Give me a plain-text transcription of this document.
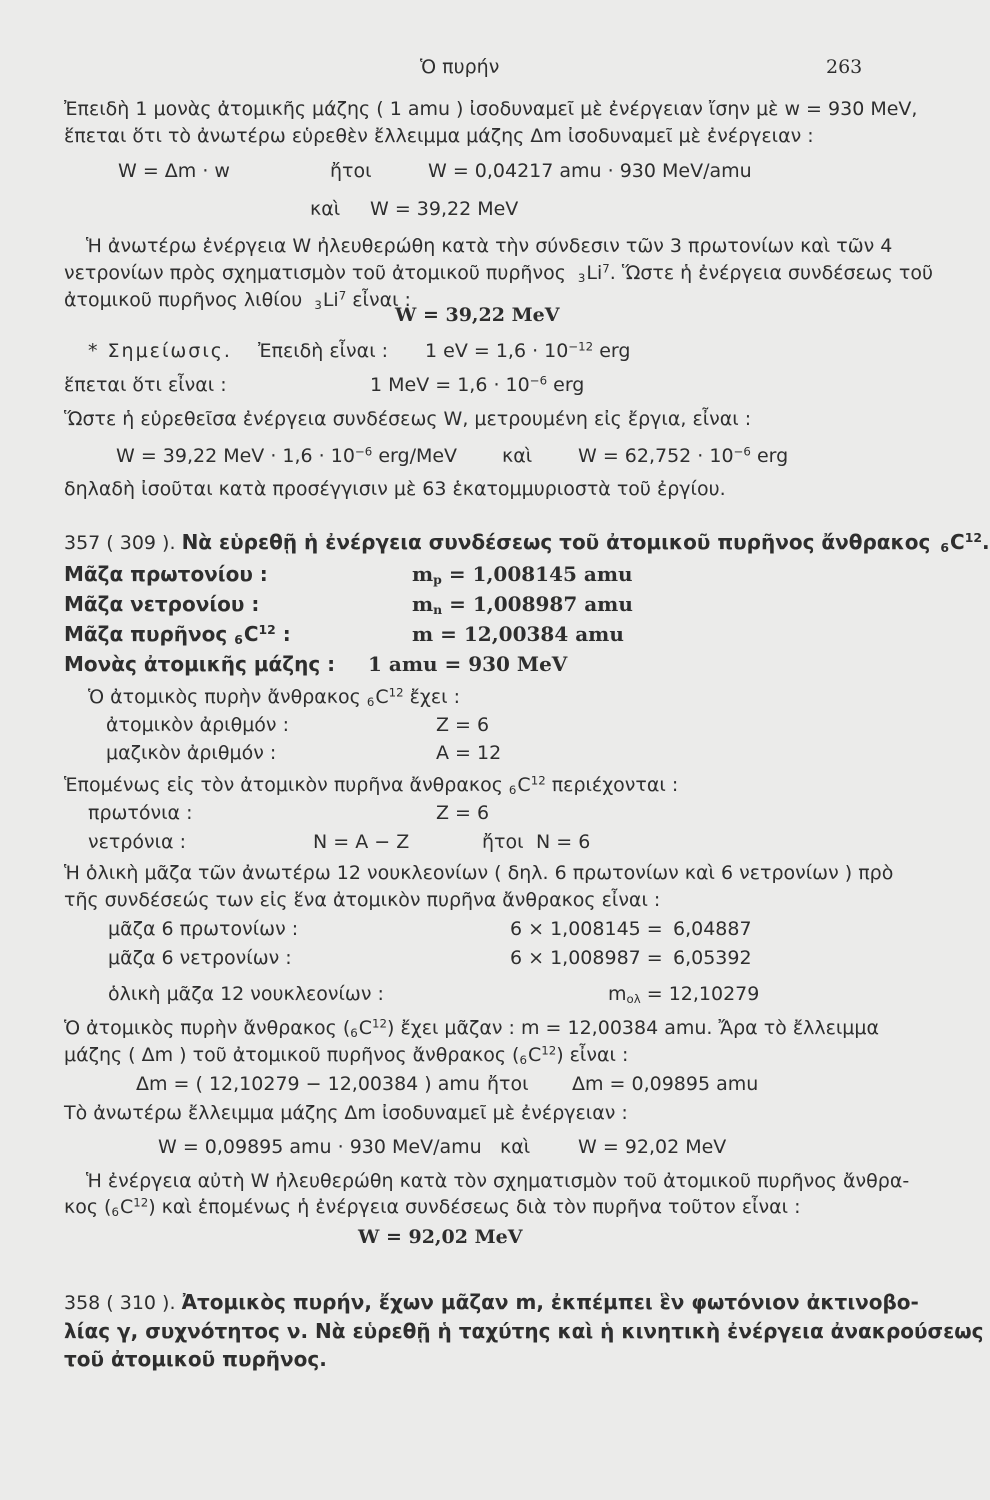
Ὁ πυρήν	263
Ἐπειδὴ 1 μονὰς ἀτομικῆς μάζης ( 1 amu ) ἰσοδυναμεῖ μὲ ἐνέργειαν ἴσην μὲ w = 930 MeV,
ἕπεται ὅτι τὸ ἀνωτέρω εὑρεθὲν ἔλλειμμα μάζης Δm ἰσοδυναμεῖ μὲ ἐνέργειαν :
W = Δm · w	ἤτοι	W = 0,04217 amu · 930 MeV/amu
καὶ W = 39,22 MeV
Ἡ ἀνωτέρω ἐνέργεια W ἠλευθερώθη κατὰ τὴν σύνδεσιν τῶν 3 πρωτονίων καὶ τῶν 4
νετρονίων πρὸς σχηματισμὸν τοῦ ἀτομικοῦ πυρῆνος 3Li$^7$. Ὥστε ἡ ἐνέργεια συνδέσεως τοῦ
ἀτομικοῦ πυρῆνος λιθίου 3Li$^7$ εἶναι :
W = 39,22 MeV
* Σημείωσις. Ἐπειδὴ εἶναι : 1 eV = $1,6 \cdot 10^{-12}$ erg
ἕπεται ὅτι εἶναι :	1 MeV = $1,6 \cdot 10^{-6}$ erg
Ὥστε ἡ εὑρεθεῖσα ἐνέργεια συνδέσεως W, μετρουμένη εἰς ἔργια, εἶναι :
W = 39,22 MeV · $1,6 \cdot 10^{-6}$ erg/MeV καὶ $W = 62,752 \cdot 10^{-6}$ erg
δηλαδὴ ἰσοῦται κατὰ προσέγγισιν μὲ 63 ἑκατομμυριοστὰ τοῦ ἐργίου.
357 ( 309 ). Νὰ εὑρεθῇ ἡ ἐνέργεια συνδέσεως τοῦ ἀτομικοῦ πυρῆνος ἄνθρακος $6C^{12}$.
Μᾶζα πρωτονίου :	$m_p = 1,008145$ amu
Μᾶζα νετρονίου :	$m_n = 1,008987$ amu
Μᾶζα πυρῆνος $6C^{12}$ :	m = 12,00384 amu
Μονὰς ἀτομικῆς μάζης : 1 amu = 930 MeV
Ὁ ἀτομικὸς πυρὴν ἄνθρακος $6C^{12}$ ἔχει :
ἀτομικὸν ἀριθμόν :	Z = 6
μαζικὸν ἀριθμόν :	A = 12
Ἑπομένως εἰς τὸν ἀτομικὸν πυρῆνα ἄνθρακος $6C^{12}$ περιέχονται :
πρωτόνια :	Z = 6
νετρόνια :	N = A − Z	ἤτοι N = 6
Ἡ ὁλικὴ μᾶζα τῶν ἀνωτέρω 12 νουκλεονίων ( δηλ. 6 πρωτονίων καὶ 6 νετρονίων ) πρὸ
τῆς συνδέσεώς των εἰς ἕνα ἀτομικὸν πυρῆνα ἄνθρακος εἶναι :
μᾶζα 6 πρωτονίων :	6 × 1,008145 = 6,04887
μᾶζα 6 νετρονίων :	6 × 1,008987 = 6,05392
ὁλικὴ μᾶζα 12 νουκλεονίων :	$m_{o\lambda} = 12,10279$
Ὁ ἀτομικὸς πυρὴν ἄνθρακος $(6C^{12})$ ἔχει μᾶζαν : m = 12,00384 amu. Ἄρα τὸ ἔλλειμμα
μάζης ( Δm ) τοῦ ἀτομικοῦ πυρῆνος ἄνθρακος $(6C^{12})$ εἶναι :
Δm = ( 12,10279 − 12,00384 ) amu ἤτοι Δm = 0,09895 amu
Τὸ ἀνωτέρω ἔλλειμμα μάζης Δm ἰσοδυναμεῖ μὲ ἐνέργειαν :
W = 0,09895 amu · 930 MeV/amu καὶ	W = 92,02 MeV
Ἡ ἐνέργεια αὐτὴ W ἠλευθερώθη κατὰ τὸν σχηματισμὸν τοῦ ἀτομικοῦ πυρῆνος ἄνθρα-
κος $(6C^{12})$ καὶ ἑπομένως ἡ ἐνέργεια συνδέσεως διὰ τὸν πυρῆνα τοῦτον εἶναι :
W = 92,02 MeV
358 ( 310 ). Ἀτομικὸς πυρήν, ἔχων μᾶζαν m, ἐκπέμπει ἓν φωτόνιον ἀκτινοβο-
λίας γ, συχνότητος ν. Νὰ εὑρεθῇ ἡ ταχύτης καὶ ἡ κινητικὴ ἐνέργεια ἀνακρούσεως
τοῦ ἀτομικοῦ πυρῆνος.
